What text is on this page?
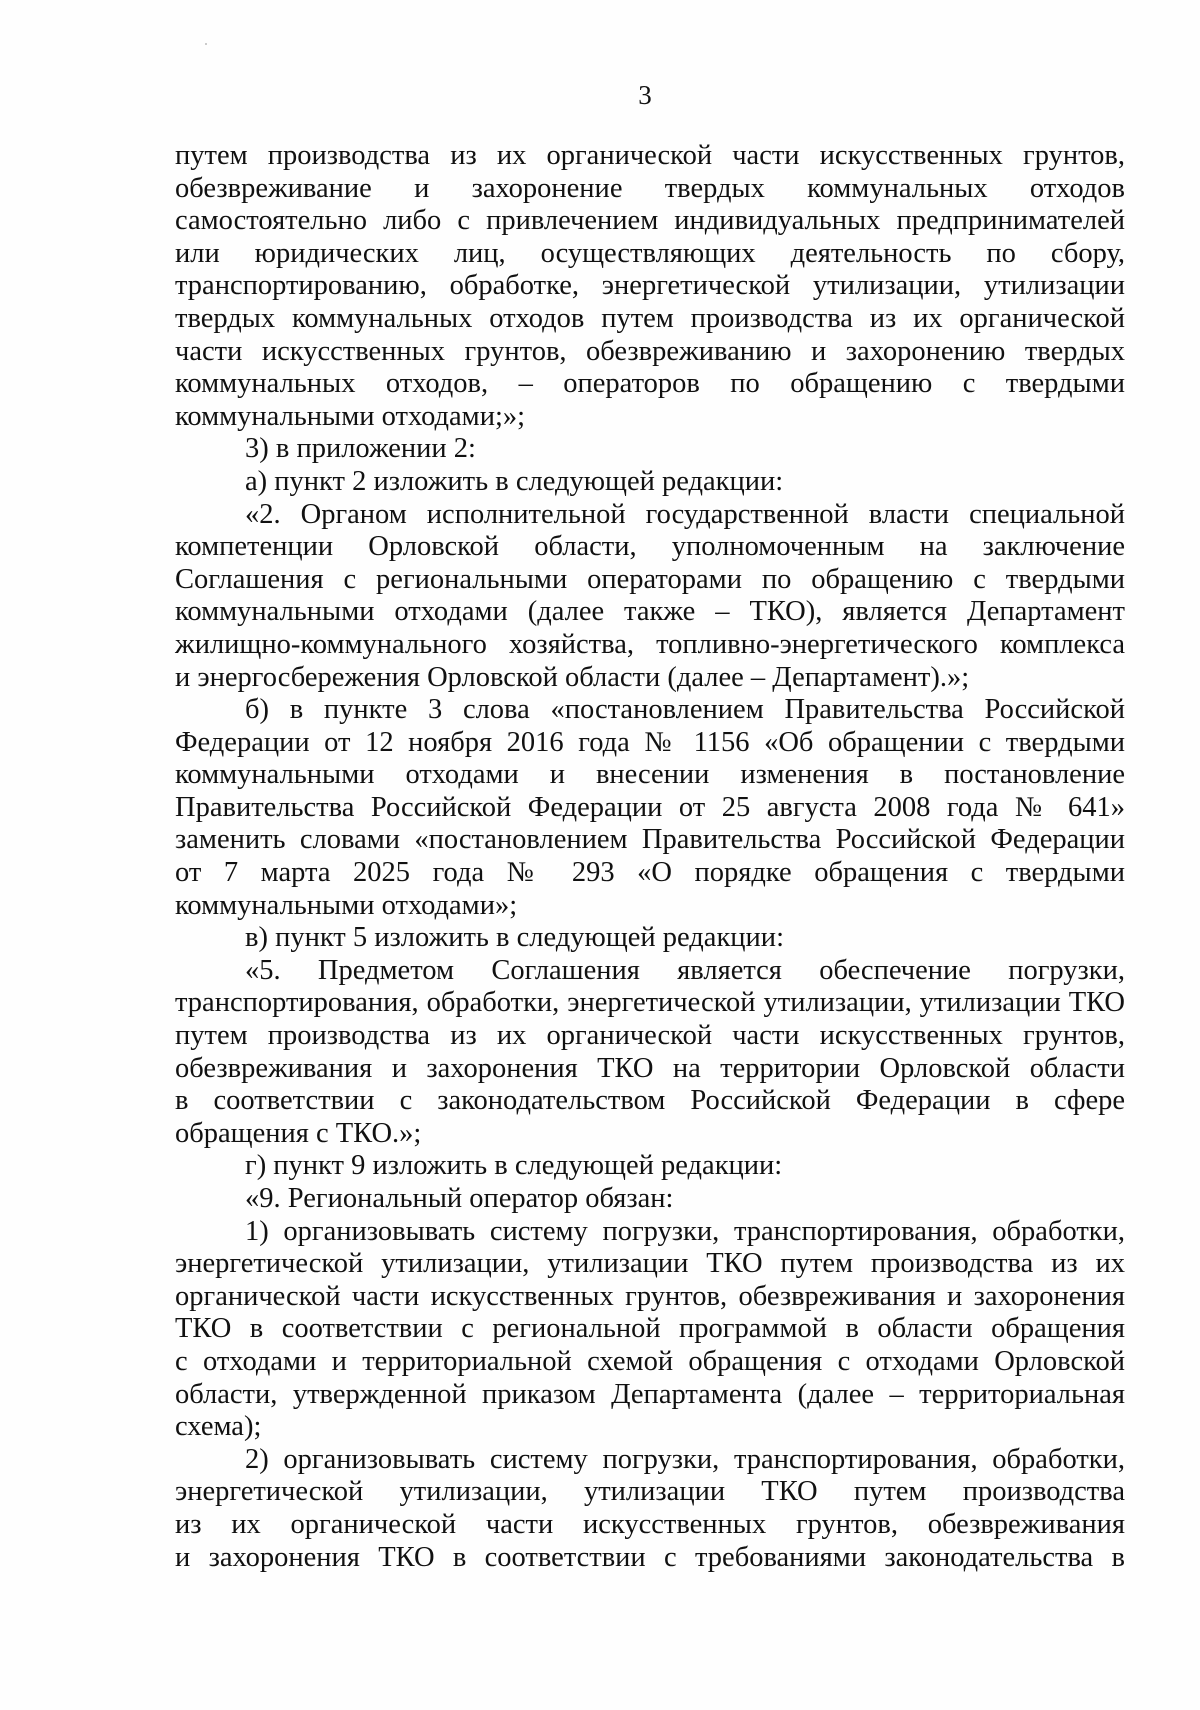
3
путем производства из их органической части искусственных грунтов,
обезвреживание и захоронение твердых коммунальных отходов
самостоятельно либо с привлечением индивидуальных предпринимателей
или юридических лиц, осуществляющих деятельность по сбору,
транспортированию, обработке, энергетической утилизации, утилизации
твердых коммунальных отходов путем производства из их органической
части искусственных грунтов, обезвреживанию и захоронению твердых
коммунальных отходов, – операторов по обращению с твердыми
коммунальными отходами;»;
3) в приложении 2:
а) пункт 2 изложить в следующей редакции:
«2. Органом исполнительной государственной власти специальной
компетенции Орловской области, уполномоченным на заключение
Соглашения с региональными операторами по обращению с твердыми
коммунальными отходами (далее также – ТКО), является Департамент
жилищно-коммунального хозяйства, топливно-энергетического комплекса
и энергосбережения Орловской области (далее – Департамент).»;
б) в пункте 3 слова «постановлением Правительства Российской
Федерации от 12 ноября 2016 года № 1156 «Об обращении с твердыми
коммунальными отходами и внесении изменения в постановление
Правительства Российской Федерации от 25 августа 2008 года № 641»
заменить словами «постановлением Правительства Российской Федерации
от 7 марта 2025 года № 293 «О порядке обращения с твердыми
коммунальными отходами»;
в) пункт 5 изложить в следующей редакции:
«5. Предметом Соглашения является обеспечение погрузки,
транспортирования, обработки, энергетической утилизации, утилизации ТКО
путем производства из их органической части искусственных грунтов,
обезвреживания и захоронения ТКО на территории Орловской области
в соответствии с законодательством Российской Федерации в сфере
обращения с ТКО.»;
г) пункт 9 изложить в следующей редакции:
«9. Региональный оператор обязан:
1) организовывать систему погрузки, транспортирования, обработки,
энергетической утилизации, утилизации ТКО путем производства из их
органической части искусственных грунтов, обезвреживания и захоронения
ТКО в соответствии с региональной программой в области обращения
с отходами и территориальной схемой обращения с отходами Орловской
области, утвержденной приказом Департамента (далее – территориальная
схема);
2) организовывать систему погрузки, транспортирования, обработки,
энергетической утилизации, утилизации ТКО путем производства
из их органической части искусственных грунтов, обезвреживания
и захоронения ТКО в соответствии с требованиями законодательства в
